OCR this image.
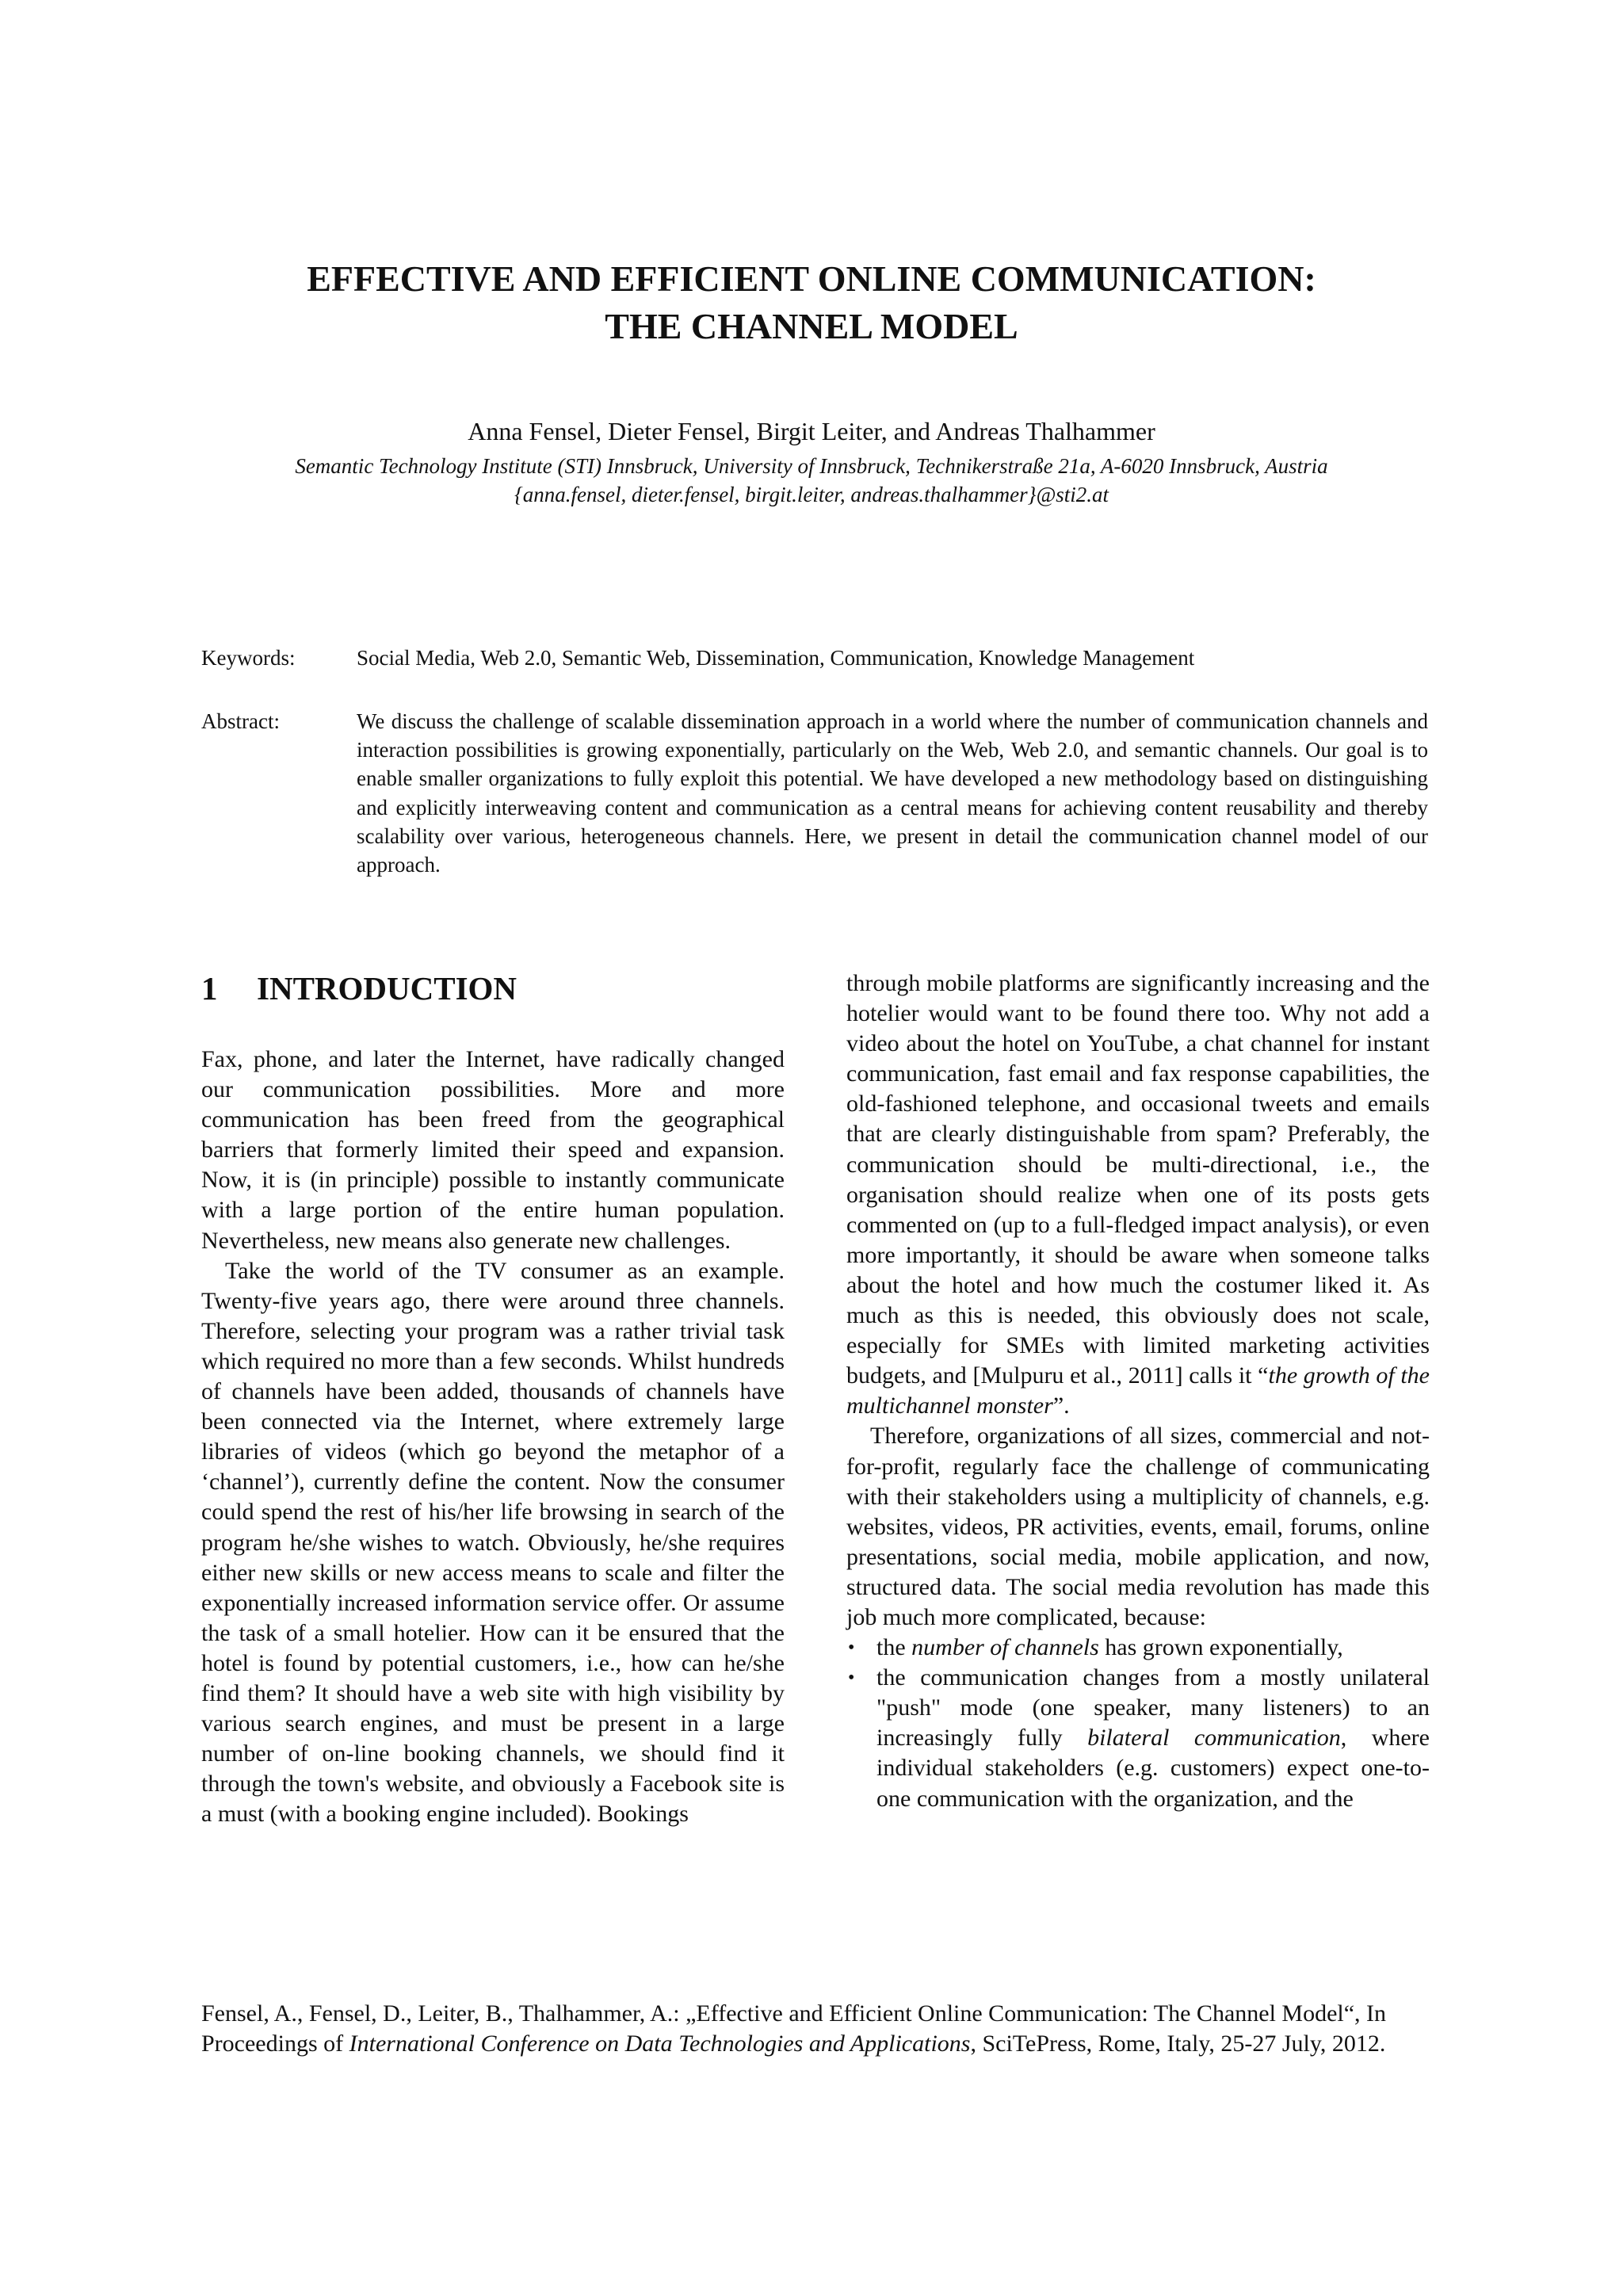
EFFECTIVE AND EFFICIENT ONLINE COMMUNICATION:
THE CHANNEL MODEL
Anna Fensel, Dieter Fensel, Birgit Leiter, and Andreas Thalhammer
Semantic Technology Institute (STI) Innsbruck, University of Innsbruck, Technikerstraße 21a, A-6020 Innsbruck, Austria
{anna.fensel, dieter.fensel, birgit.leiter, andreas.thalhammer}@sti2.at
Keywords:	Social Media, Web 2.0, Semantic Web, Dissemination, Communication, Knowledge Management
Abstract:	We discuss the challenge of scalable dissemination approach in a world where the number of communication channels and interaction possibilities is growing exponentially, particularly on the Web, Web 2.0, and semantic channels. Our goal is to enable smaller organizations to fully exploit this potential. We have developed a new methodology based on distinguishing and explicitly interweaving content and communication as a central means for achieving content reusability and thereby scalability over various, heterogeneous channels. Here, we present in detail the communication channel model of our approach.
1 INTRODUCTION

Fax, phone, and later the Internet, have radically changed our communication possibilities. More and more communication has been freed from the geographical barriers that formerly limited their speed and expansion. Now, it is (in principle) possible to instantly communicate with a large portion of the entire human population. Nevertheless, new means also generate new challenges.

Take the world of the TV consumer as an example. Twenty-five years ago, there were around three channels. Therefore, selecting your program was a rather trivial task which required no more than a few seconds. Whilst hundreds of channels have been added, thousands of channels have been connected via the Internet, where extremely large libraries of videos (which go beyond the metaphor of a ‘channel’), currently define the content. Now the consumer could spend the rest of his/her life browsing in search of the program he/she wishes to watch. Obviously, he/she requires either new skills or new access means to scale and filter the exponentially increased information service offer. Or assume the task of a small hotelier. How can it be ensured that the hotel is found by potential customers, i.e., how can he/she find them? It should have a web site with high visibility by various search engines, and must be present in a large number of on-line booking channels, we should find it through the town's website, and obviously a Facebook site is a must (with a booking engine included). Bookings

through mobile platforms are significantly increasing and the hotelier would want to be found there too. Why not add a video about the hotel on YouTube, a chat channel for instant communication, fast email and fax response capabilities, the old-fashioned telephone, and occasional tweets and emails that are clearly distinguishable from spam? Preferably, the communication should be multi-directional, i.e., the organisation should realize when one of its posts gets commented on (up to a full-fledged impact analysis), or even more importantly, it should be aware when someone talks about the hotel and how much the costumer liked it. As much as this is needed, this obviously does not scale, especially for SMEs with limited marketing activities budgets, and [Mulpuru et al., 2011] calls it “the growth of the multichannel monster”.

Therefore, organizations of all sizes, commercial and not-for-profit, regularly face the challenge of communicating with their stakeholders using a multiplicity of channels, e.g. websites, videos, PR activities, events, email, forums, online presentations, social media, mobile application, and now, structured data. The social media revolution has made this job much more complicated, because:

• the number of channels has grown exponentially,
• the communication changes from a mostly unilateral "push" mode (one speaker, many listeners) to an increasingly fully bilateral communication, where individual stakeholders (e.g. customers) expect one-to-one communication with the organization, and the
Fensel, A., Fensel, D., Leiter, B., Thalhammer, A.: „Effective and Efficient Online Communication: The Channel Model“, In Proceedings of International Conference on Data Technologies and Applications, SciTePress, Rome, Italy, 25-27 July, 2012.
